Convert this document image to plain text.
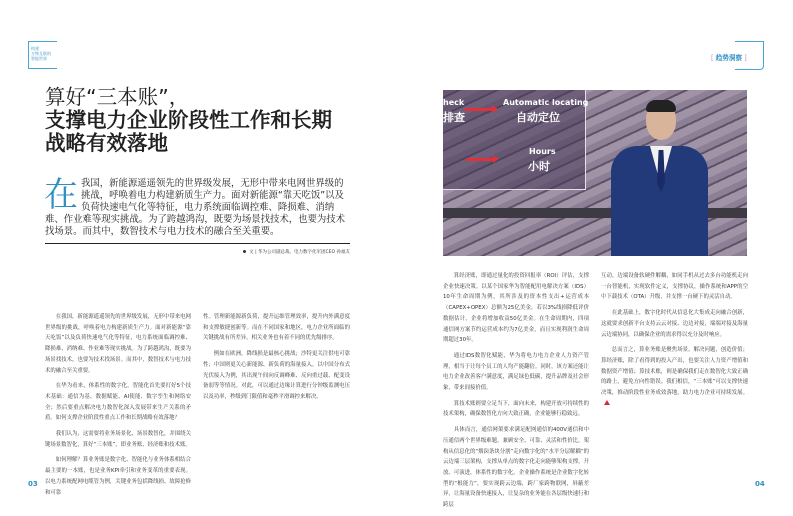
构建
万物互联的
智能世界
算好“三本账”，
支撑电力企业阶段性工作和长期
战略有效落地
在 我国，新能源遥遥领先的世界级发展，无形中带来电网世界级的挑战，呼唤着电力构建新质生产力。面对新能源“靠天吃饭”以及负荷快速电气化等特征，电力系统面临调控难、降损难、消纳难、作业难等现实挑战。为了跨越鸿沟，既要为场景找技术，也要为技术找场景。而其中，数智技术与电力技术的融合至关重要。
文 | 华为公司副总裁、电力数字化军团CEO 孙福友

在我国，新能源遥遥领先的世界级发展，无形中带来电网世界级的挑战，呼唤着电力构建新质生产力。面对新能源“靠天吃饭”以及负荷快速电气化等特征，电力系统面临调控难、降损难、消纳难、作业难等现实挑战。为了跨越鸿沟，既要为场景找技术，也要为技术找场景。而其中，数智技术与电力技术的融合至关重要。

在华为看来，体系性的数字化，智能化首先要打好5个技术基础：通信为基、数据赋能、AI使能、数字孪生和网络安全；然后要重点解决电力数智化深入发展带来生产关系的矛盾。如何支撑企业阶段性重点工作和长期战略有效落地？

我们认为，这需要将业务场景化、场景数智化，并围绕关键场景数智化，算好“三本账”，即业务账、经济账和技术账。

如何理解？算业务账是数字化、智能化与业务体系相结合最主要的一本账，也是业务KPI牵引和业务变革的重要表现。以电力系统配网电缆管为例，关键业务包括降线损、故障抢修和可靠

性。管理新能源新负荷，提升运维管理效率，提升内外满意度和支撑敏捷创新等。而在不同国家和地区，电力企业所面临的关键挑战有所差异，相关业务也有着不同的优先级排序。

例如在欧洲，降线损是最核心挑战；沙特更关注供电可靠性；中国则更关心新能源、新负荷的海量接入。以中国分布式光伏接入为例，其出现午间向反调峰难、反向重过载、配变设备弱等等情况。对此，可以通过边缘计算进行分钟级监测电压以及功率，秒级到门限值和毫秒平滑调控来解决。

03
[ 趋势洞察 ]
heck
排查
Automatic locating
自动定位
Hours
小时

算经济账，即通过量化的投资回报率（ROI）评估，支撑企业快速决策。以某个国家华为智能配用电解决方案（IDS）10年生命周期为例，其所涉及的资本性支出+运营成本（CAPEX+OPEX）总额为25亿美金，若以3%线损降低评价数据估计，企业将增加收益50亿美金。在生命周期内，四项通信网方案节约运营成本约为7亿美金，而且实现利润生命周期超过30年。

通过IDS数智化赋能，华为将电力电力企业人力资产管理，相当于让每个员工的人均产能翻倍。同时，该方案还能让电力企业改善客户满意度，满足绿色低碳，提升品牌及社会形象，带来间接价值。

算技术账则要立足当下，面向未来，构建开放可持续性的技术架构，确保数智化方向大致正确，企业能够行稳致远。

具体而言，通信网架要求满足配网通信的400V通信和中压通信两个世界级难题，兼顾安全、可靠、灵活和性价比。架构从信息化的“烟囱条块分割”走向数字化的“水平分层解耦”的云边端三层架构，支撑从单点的数字化走向能够架构支撑，开放、可演进，体系性的数字化。企业操作系统是企业数字化转型的“根能力”，要实现跨云边端，跨厂家跨物联网，屏蔽差异，让海量设备快速接入，让复杂的业务能在各层级快速行和跨层

互动。边端设备软硬件解耦，如同手机从过去多台功能机走向一台智能机，实现软件定义，支撑协议，操作系统和APP的空中下载技术（OTA）升级，并支撑一台硬下的灵活自动。

在此基础上，数字化时代从信息化大集成走向融合创新，这就要求创新平台支持云云对接、边边对接，端端对接及海量云边端协同，以确保企业的需求得以充分及时响应。

总而言之，算业务账是聚焦场景，解决问题，创造价值；算经济账，除了看得到的投入产出，也要关注人力资产增值和数据资产增值；算技术账，则是确保我们走在数智化大致正确的路上，避免方向性错误。我们相信，“三本账”可以支撑快速决策，推动阶段性业务成效落地，助力电力企业可持续发展。

04
